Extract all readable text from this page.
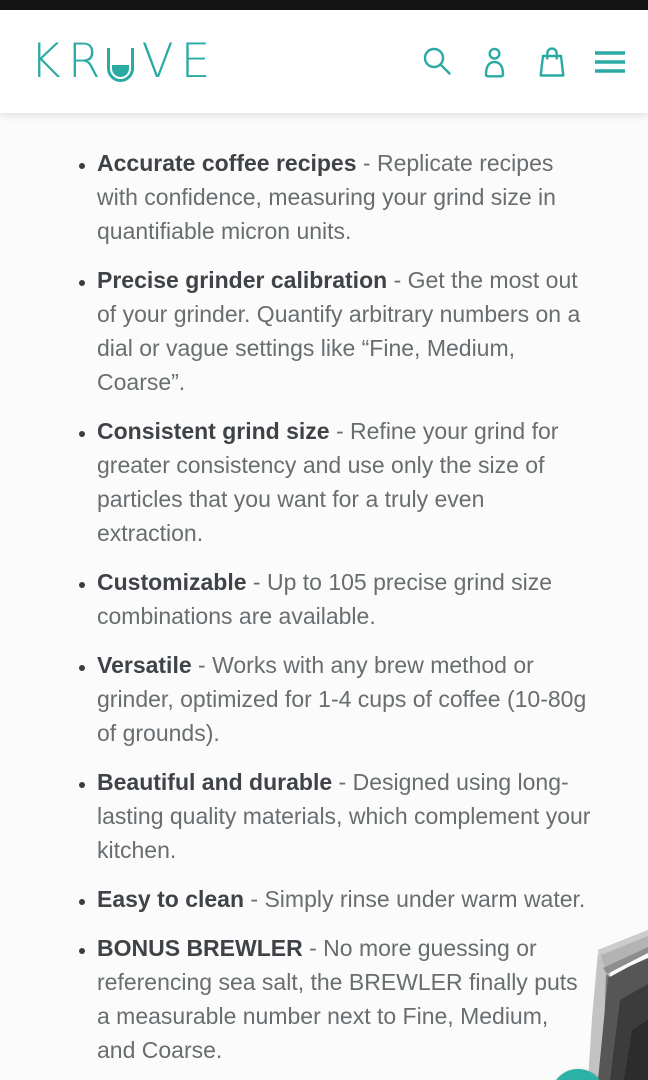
KR VE
• Accurate coffee recipes - Replicate recipes with confidence, measuring your grind size in quantifiable micron units.
• Precise grinder calibration - Get the most out of your grinder. Quantify arbitrary numbers on a dial or vague settings like “Fine, Medium, Coarse”.
• Consistent grind size - Refine your grind for greater consistency and use only the size of particles that you want for a truly even extraction.
• Customizable - Up to 105 precise grind size combinations are available.
• Versatile - Works with any brew method or grinder, optimized for 1-4 cups of coffee (10-80g of grounds).
• Beautiful and durable - Designed using long-lasting quality materials, which complement your kitchen.
• Easy to clean - Simply rinse under warm water.
• BONUS BREWLER - No more guessing or referencing sea salt, the BREWLER finally puts a measurable number next to Fine, Medium, and Coarse.
